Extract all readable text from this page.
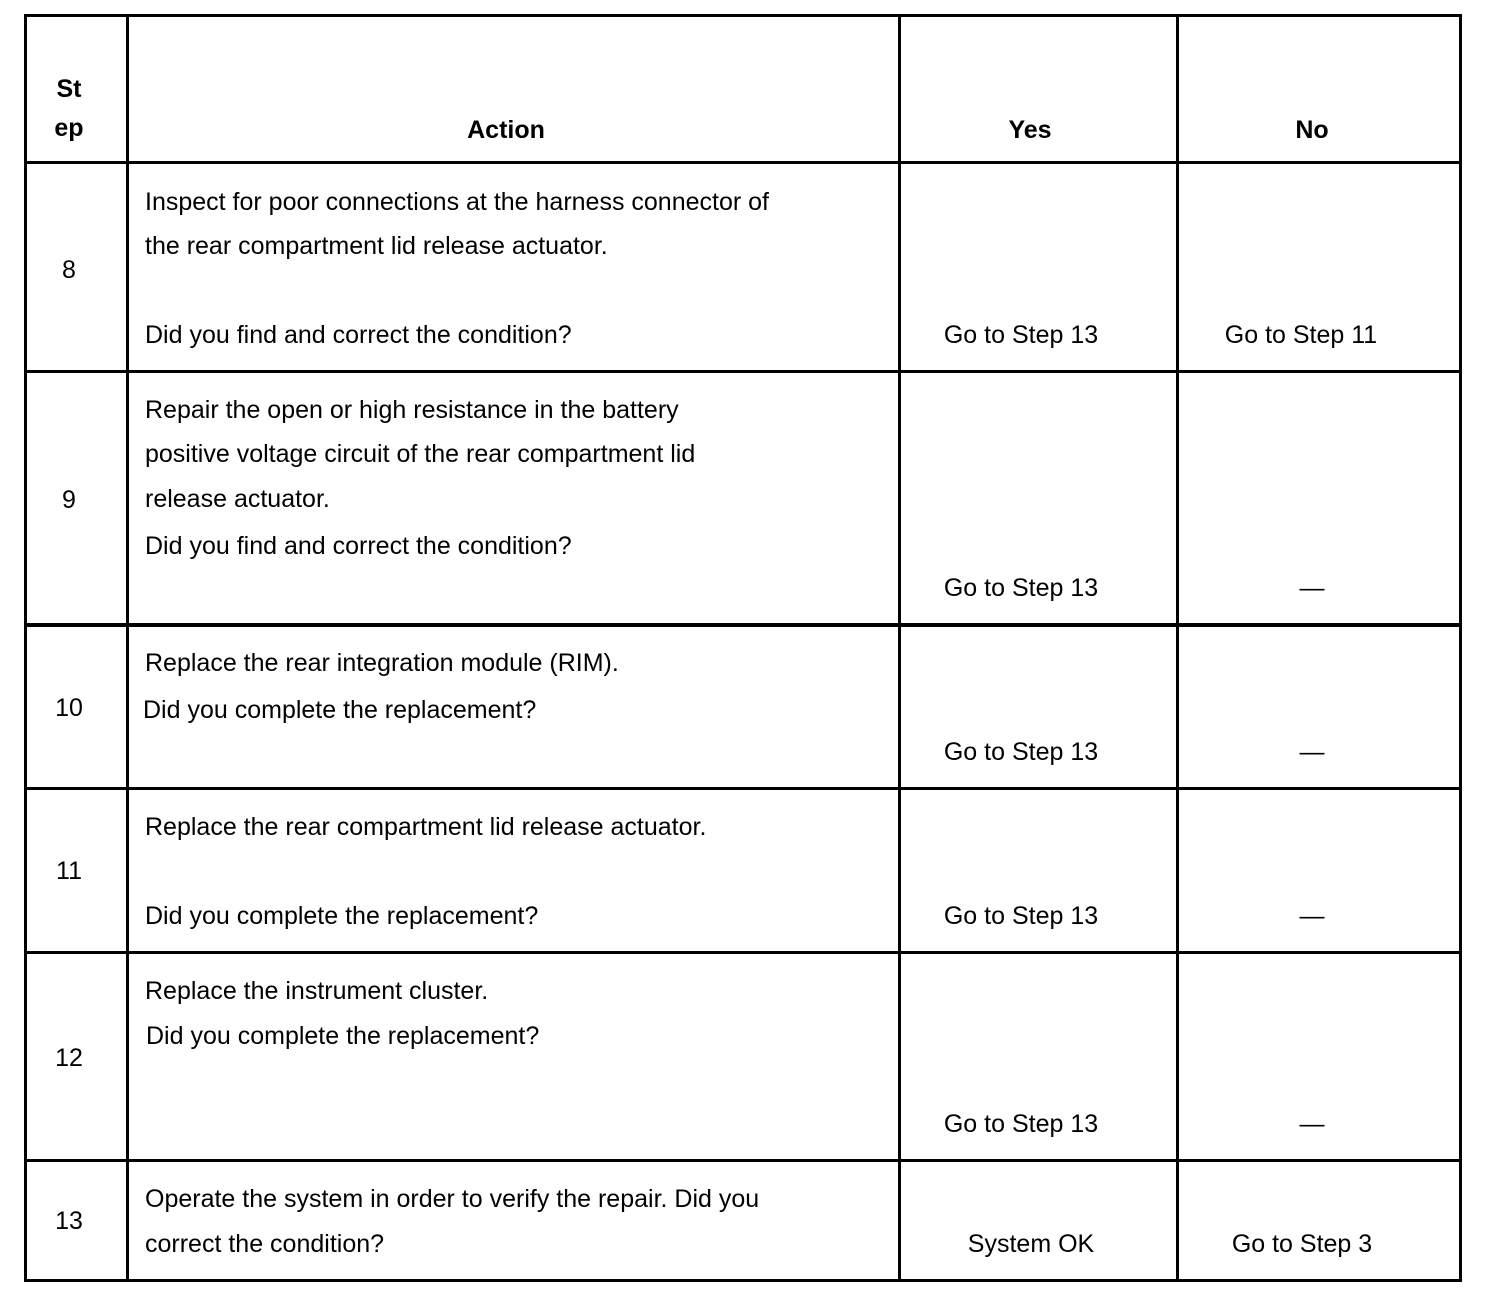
St
ep	Action	Yes	No
8
Inspect for poor connections at the harness connector of
the rear compartment lid release actuator.
Did you find and correct the condition?	Go to Step 13	Go to Step 11
9
Repair the open or high resistance in the battery
positive voltage circuit of the rear compartment lid
release actuator.
Did you find and correct the condition?
Go to Step 13	—
10
Replace the rear integration module (RIM).
Did you complete the replacement?
Go to Step 13	—
11
Replace the rear compartment lid release actuator.
Did you complete the replacement?	Go to Step 13	—
12
Replace the instrument cluster.
Did you complete the replacement?
Go to Step 13	—
13
Operate the system in order to verify the repair. Did you
correct the condition?	System OK	Go to Step 3
